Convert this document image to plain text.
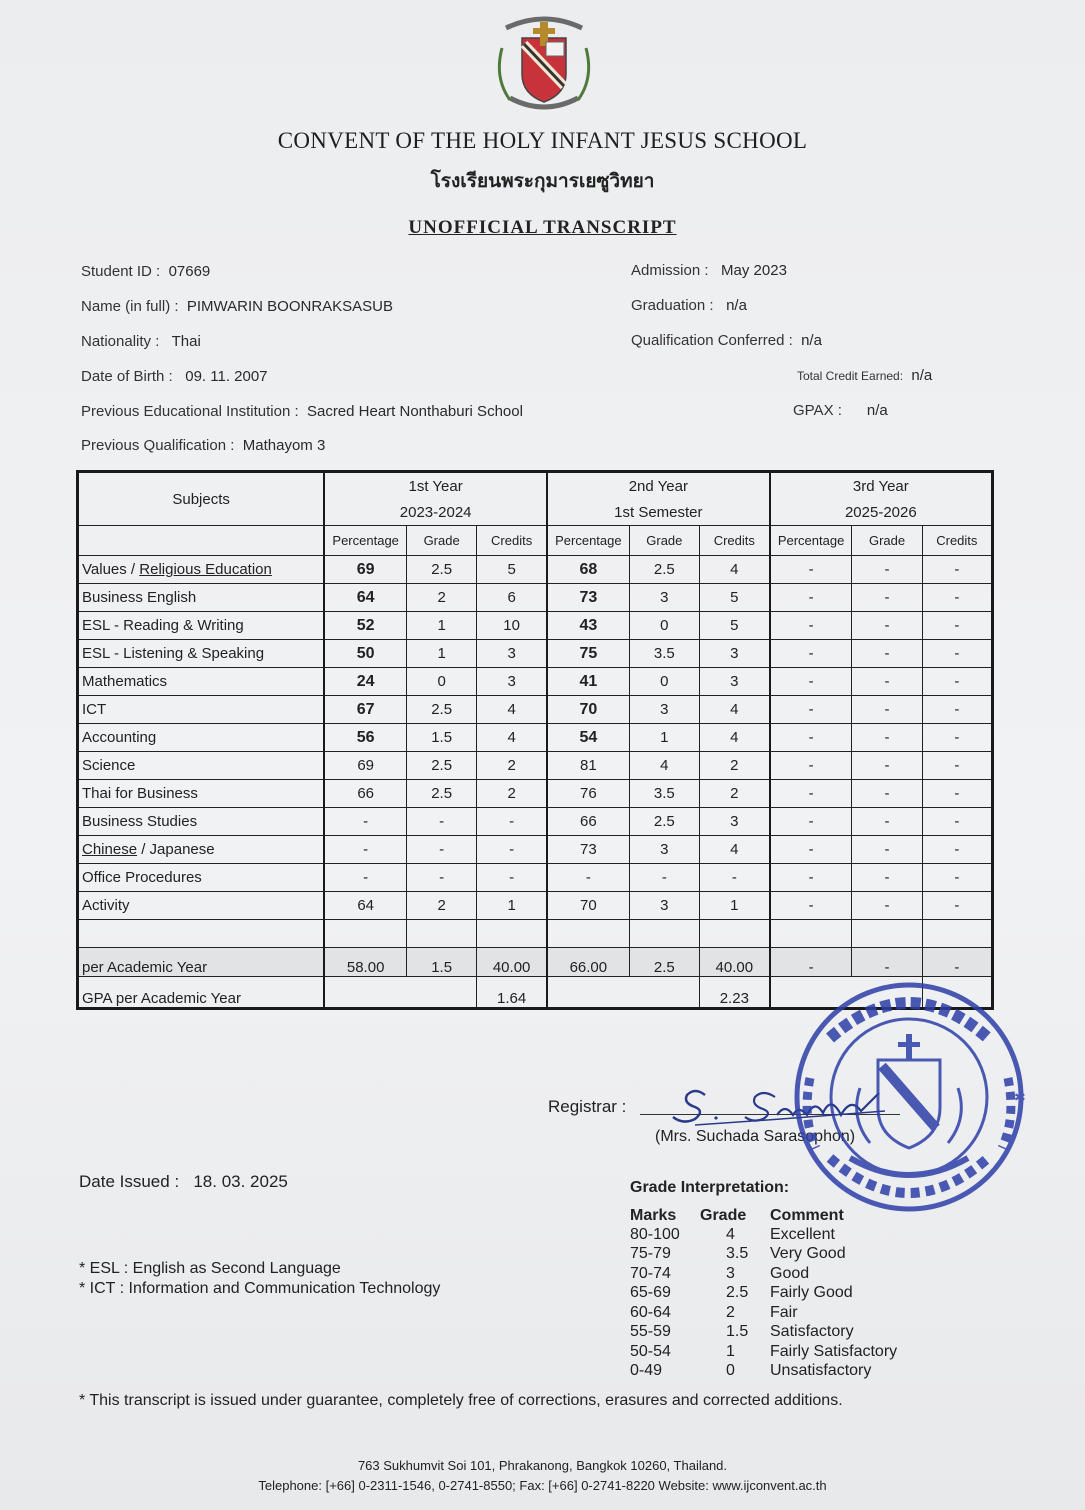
CONVENT OF THE HOLY INFANT JESUS SCHOOL
โรงเรียนพระกุมารเยซูวิทยา
UNOFFICIAL TRANSCRIPT
Student ID : 07669
Name (in full) : PIMWARIN BOONRAKSASUB
Nationality : Thai
Date of Birth : 09. 11. 2007
Previous Educational Institution : Sacred Heart Nonthaburi School
Previous Qualification : Mathayom 3
Admission : May 2023
Graduation : n/a
Qualification Conferred : n/a
Total Credit Earned: n/a
GPAX : n/a
Subjects	1st Year			2nd Year			3rd Year		
	2023-2024			1st Semester			2025-2026		
	Percentage	Grade	Credits	Percentage	Grade	Credits	Percentage	Grade	Credits
Values / Religious Education	69	2.5	5	68	2.5	4	-	-	-
Business English	64	2	6	73	3	5	-	-	-
ESL - Reading & Writing	52	1	10	43	0	5	-	-	-
ESL - Listening & Speaking	50	1	3	75	3.5	3	-	-	-
Mathematics	24	0	3	41	0	3	-	-	-
ICT	67	2.5	4	70	3	4	-	-	-
Accounting	56	1.5	4	54	1	4	-	-	-
Science	69	2.5	2	81	4	2	-	-	-
Thai for Business	66	2.5	2	76	3.5	2	-	-	-
Business Studies	-	-	-	66	2.5	3	-	-	-
Chinese / Japanese	-	-	-	73	3	4	-	-	-
Office Procedures	-	-	-	-	-	-	-	-	-
Activity	64	2	1	70	3	1	-	-	-

per Academic Year	58.00	1.5	40.00	66.00	2.5	40.00	-	-	-
GPA per Academic Year			1.64			2.23			
Registrar :
(Mrs. Suchada Sarasophon)
✱
Date Issued : 18. 03. 2025
* ESL : English as Second Language
* ICT : Information and Communication Technology
Grade Interpretation:
Marks	Grade	Comment
80-100	4	Excellent
75-79	3.5	Very Good
70-74	3	Good
65-69	2.5	Fairly Good
60-64	2	Fair
55-59	1.5	Satisfactory
50-54	1	Fairly Satisfactory
0-49	0	Unsatisfactory
* This transcript is issued under guarantee, completely free of corrections, erasures and corrected additions.
763 Sukhumvit Soi 101, Phrakanong, Bangkok 10260, Thailand.
Telephone: [+66] 0-2311-1546, 0-2741-8550; Fax: [+66] 0-2741-8220 Website: www.ijconvent.ac.th
